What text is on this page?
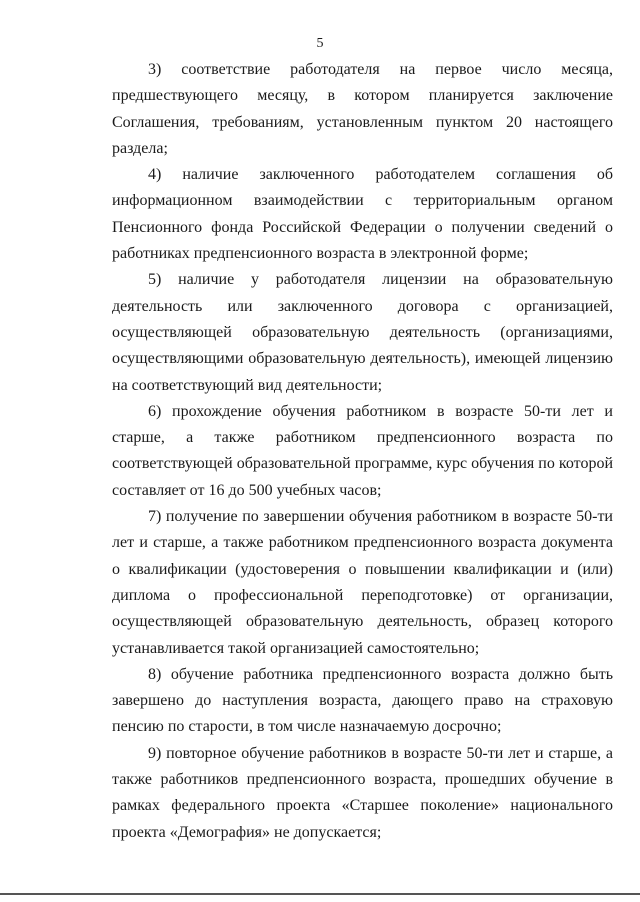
5

3) соответствие работодателя на первое число месяца, предшествующего месяцу, в котором планируется заключение Соглашения, требованиям, установленным пунктом 20 настоящего раздела;

4) наличие заключенного работодателем соглашения об информационном взаимодействии с территориальным органом Пенсионного фонда Российской Федерации о получении сведений о работниках предпенсионного возраста в электронной форме;

5) наличие у работодателя лицензии на образовательную деятельность или заключенного договора с организацией, осуществляющей образовательную деятельность (организациями, осуществляющими образовательную деятельность), имеющей лицензию на соответствующий вид деятельности;

6) прохождение обучения работником в возрасте 50-ти лет и старше, а также работником предпенсионного возраста по соответствующей образовательной программе, курс обучения по которой составляет от 16 до 500 учебных часов;

7) получение по завершении обучения работником в возрасте 50-ти лет и старше, а также работником предпенсионного возраста документа о квалификации (удостоверения о повышении квалификации и (или) диплома о профессиональной переподготовке) от организации, осуществляющей образовательную деятельность, образец которого устанавливается такой организацией самостоятельно;

8) обучение работника предпенсионного возраста должно быть завершено до наступления возраста, дающего право на страховую пенсию по старости, в том числе назначаемую досрочно;

9) повторное обучение работников в возрасте 50-ти лет и старше, а также работников предпенсионного возраста, прошедших обучение в рамках федерального проекта «Старшее поколение» национального проекта «Демография» не допускается;
